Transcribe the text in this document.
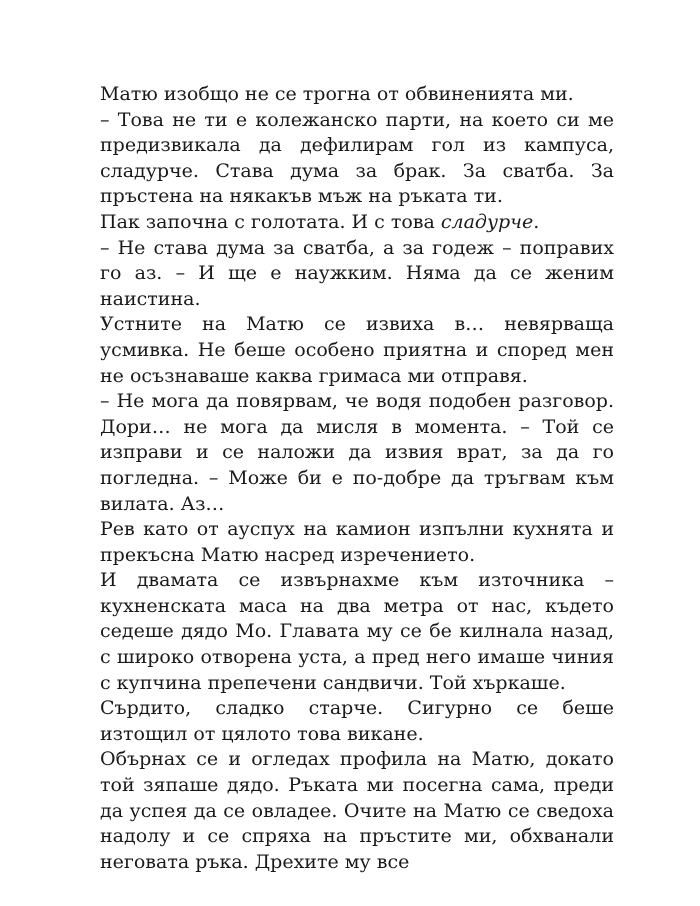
Матю изобщо не се трогна от обвиненията ми.

– Това не ти е колежанско парти, на което си ме предизвикала да дефилирам гол из кампуса, сладурче. Става дума за брак. За сватба. За пръстена на някакъв мъж на ръката ти.

Пак започна с голотата. И с това сладурче.

– Не става дума за сватба, а за годеж – поправих го аз. – И ще е наужким. Няма да се женим наистина.

Устните на Матю се извиха в… невярваща усмивка. Не беше особено приятна и според мен не осъзнаваше каква гримаса ми отправя.

– Не мога да повярвам, че водя подобен разговор. Дори… не мога да мисля в момента. – Той се изправи и се наложи да извия врат, за да го погледна. – Може би е по-добре да тръгвам към вилата. Аз…

Рев като от ауспух на камион изпълни кухнята и прекъсна Матю насред изречението.

И двамата се извърнахме към източника – кухненската маса на два метра от нас, където седеше дядо Мо. Главата му се бе килнала назад, с широко отворена уста, а пред него имаше чиния с купчина препечени сандвичи. Той хъркаше.

Сърдито, сладко старче. Сигурно се беше изтощил от цялото това викане.

Обърнах се и огледах профила на Матю, докато той зяпаше дядо. Ръката ми посегна сама, преди да успея да се овладее. Очите на Матю се сведоха надолу и се спряха на пръстите ми, обхванали неговата ръка. Дрехите му все
